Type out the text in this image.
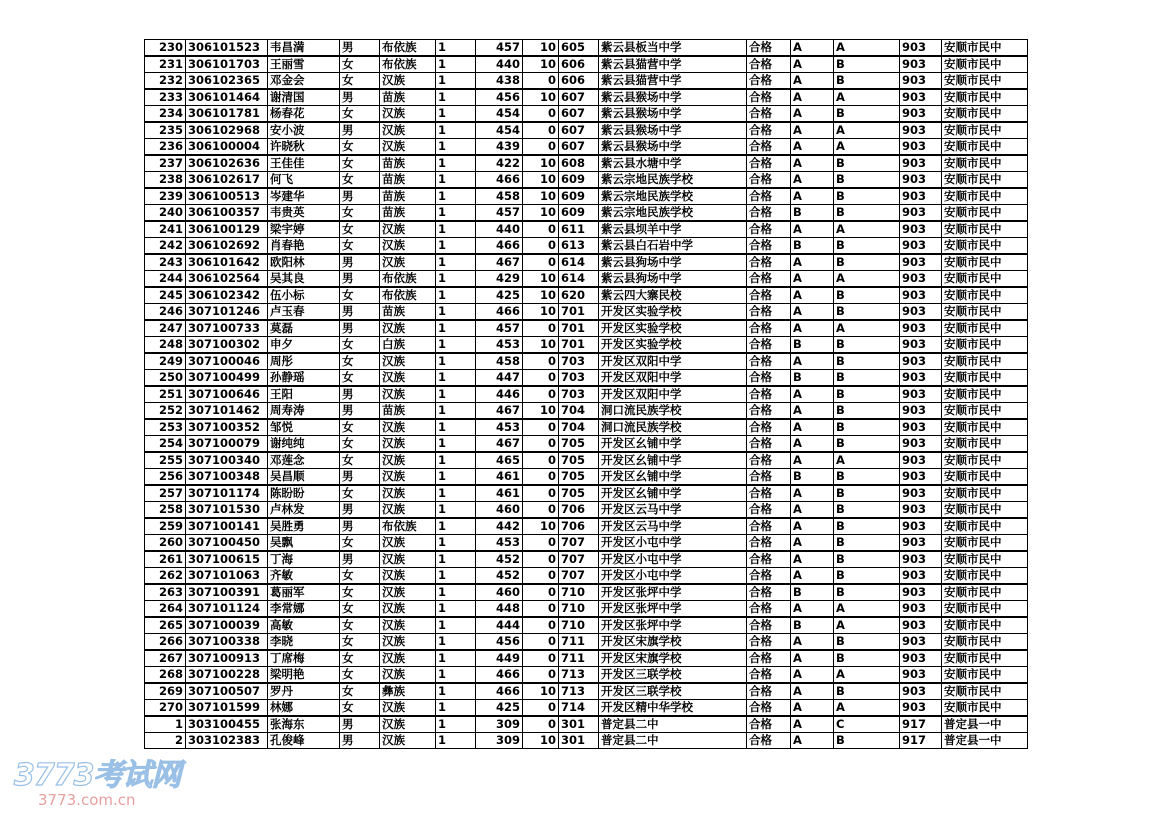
230	306101523	韦昌満	男	布依族	1	457	10	605	紫云县板当中学	合格	A	A	903	安顺市民中
231	306101703	王丽雪	女	布依族	1	440	10	606	紫云县猫营中学	合格	A	B	903	安顺市民中
232	306102365	邓金会	女	汉族	1	438	0	606	紫云县猫营中学	合格	A	B	903	安顺市民中
233	306101464	谢清国	男	苗族	1	456	10	607	紫云县猴场中学	合格	A	A	903	安顺市民中
234	306101781	杨春花	女	汉族	1	454	0	607	紫云县猴场中学	合格	A	B	903	安顺市民中
235	306102968	安小波	男	汉族	1	454	0	607	紫云县猴场中学	合格	A	A	903	安顺市民中
236	306100004	许晓秋	女	汉族	1	439	0	607	紫云县猴场中学	合格	A	A	903	安顺市民中
237	306102636	王佳佳	女	苗族	1	422	10	608	紫云县水塘中学	合格	A	B	903	安顺市民中
238	306102617	何飞	女	苗族	1	466	10	609	紫云宗地民族学校	合格	A	B	903	安顺市民中
239	306100513	岑建华	男	苗族	1	458	10	609	紫云宗地民族学校	合格	A	B	903	安顺市民中
240	306100357	韦贵英	女	苗族	1	457	10	609	紫云宗地民族学校	合格	B	B	903	安顺市民中
241	306100129	梁宇婷	女	汉族	1	440	0	611	紫云县坝羊中学	合格	A	A	903	安顺市民中
242	306102692	肖春艳	女	汉族	1	466	0	613	紫云县白石岩中学	合格	B	B	903	安顺市民中
243	306101642	欧阳林	男	汉族	1	467	0	614	紫云县狗场中学	合格	A	B	903	安顺市民中
244	306102564	吴其良	男	布依族	1	429	10	614	紫云县狗场中学	合格	A	A	903	安顺市民中
245	306102342	伍小标	女	布依族	1	425	10	620	紫云四大寨民校	合格	A	B	903	安顺市民中
246	307101246	卢玉春	男	苗族	1	466	10	701	开发区实验学校	合格	A	B	903	安顺市民中
247	307100733	莫磊	男	汉族	1	457	0	701	开发区实验学校	合格	A	A	903	安顺市民中
248	307100302	申夕	女	白族	1	453	10	701	开发区实验学校	合格	B	B	903	安顺市民中
249	307100046	周彤	女	汉族	1	458	0	703	开发区双阳中学	合格	A	B	903	安顺市民中
250	307100499	孙静瑶	女	汉族	1	447	0	703	开发区双阳中学	合格	B	B	903	安顺市民中
251	307100646	王阳	男	汉族	1	446	0	703	开发区双阳中学	合格	A	B	903	安顺市民中
252	307101462	周寿涛	男	苗族	1	467	10	704	洞口流民族学校	合格	A	B	903	安顺市民中
253	307100352	邹悦	女	汉族	1	453	0	704	洞口流民族学校	合格	A	B	903	安顺市民中
254	307100079	谢纯纯	女	汉族	1	467	0	705	开发区幺铺中学	合格	A	B	903	安顺市民中
255	307100340	邓莲念	女	汉族	1	465	0	705	开发区幺铺中学	合格	A	A	903	安顺市民中
256	307100348	吴昌顺	男	汉族	1	461	0	705	开发区幺铺中学	合格	B	B	903	安顺市民中
257	307101174	陈盼盼	女	汉族	1	461	0	705	开发区幺铺中学	合格	A	B	903	安顺市民中
258	307101530	卢林发	男	汉族	1	460	0	706	开发区云马中学	合格	A	B	903	安顺市民中
259	307100141	吴胜勇	男	布依族	1	442	10	706	开发区云马中学	合格	A	B	903	安顺市民中
260	307100450	吴飘	女	汉族	1	453	0	707	开发区小屯中学	合格	A	B	903	安顺市民中
261	307100615	丁海	男	汉族	1	452	0	707	开发区小屯中学	合格	A	B	903	安顺市民中
262	307101063	齐敏	女	汉族	1	452	0	707	开发区小屯中学	合格	A	B	903	安顺市民中
263	307100391	葛丽军	女	汉族	1	460	0	710	开发区张坪中学	合格	B	B	903	安顺市民中
264	307101124	李常娜	女	汉族	1	448	0	710	开发区张坪中学	合格	A	A	903	安顺市民中
265	307100039	高敏	女	汉族	1	444	0	710	开发区张坪中学	合格	B	A	903	安顺市民中
266	307100338	李晓	女	汉族	1	456	0	711	开发区宋旗学校	合格	A	B	903	安顺市民中
267	307100913	丁席梅	女	汉族	1	449	0	711	开发区宋旗学校	合格	A	B	903	安顺市民中
268	307100228	梁明艳	女	汉族	1	466	0	713	开发区三联学校	合格	A	A	903	安顺市民中
269	307100507	罗丹	女	彝族	1	466	10	713	开发区三联学校	合格	A	B	903	安顺市民中
270	307101599	林娜	女	汉族	1	425	0	714	开发区精中华学校	合格	A	A	903	安顺市民中
1	303100455	张海东	男	汉族	1	309	0	301	普定县二中	合格	A	C	917	普定县一中
2	303102383	孔俊峰	男	汉族	1	309	10	301	普定县二中	合格	A	B	917	普定县一中
3773考试网
3773.com.cn
